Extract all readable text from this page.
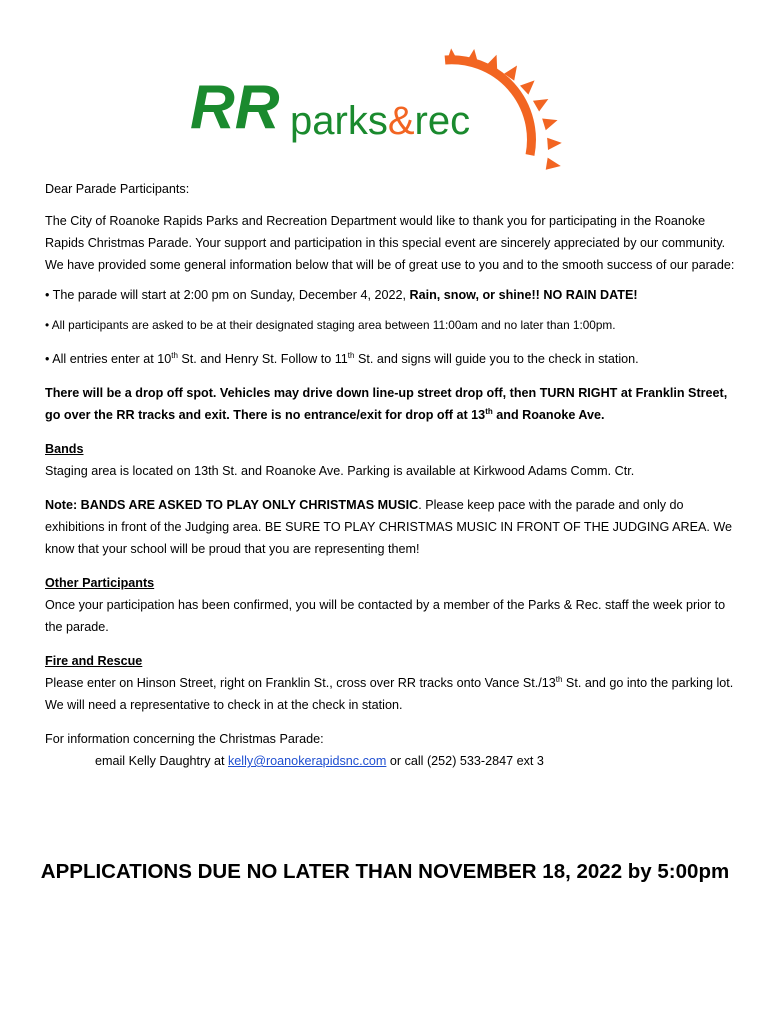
RR parks&rec

Dear Parade Participants:

The City of Roanoke Rapids Parks and Recreation Department would like to thank you for participating in the Roanoke Rapids Christmas Parade. Your support and participation in this special event are sincerely appreciated by our community. We have provided some general information below that will be of great use to you and to the smooth success of our parade:

• The parade will start at 2:00 pm on Sunday, December 4, 2022, Rain, snow, or shine!! NO RAIN DATE!

• All participants are asked to be at their designated staging area between 11:00am and no later than 1:00pm.

• All entries enter at 10th St. and Henry St. Follow to 11th St. and signs will guide you to the check in station.

There will be a drop off spot. Vehicles may drive down line-up street drop off, then TURN RIGHT at Franklin Street, go over the RR tracks and exit. There is no entrance/exit for drop off at 13th and Roanoke Ave.

Bands

Staging area is located on 13th St. and Roanoke Ave. Parking is available at Kirkwood Adams Comm. Ctr.

Note: BANDS ARE ASKED TO PLAY ONLY CHRISTMAS MUSIC. Please keep pace with the parade and only do exhibitions in front of the Judging area. BE SURE TO PLAY CHRISTMAS MUSIC IN FRONT OF THE JUDGING AREA. We know that your school will be proud that you are representing them!

Other Participants

Once your participation has been confirmed, you will be contacted by a member of the Parks & Rec. staff the week prior to the parade.

Fire and Rescue

Please enter on Hinson Street, right on Franklin St., cross over RR tracks onto Vance St./13th St. and go into the parking lot. We will need a representative to check in at the check in station.

For information concerning the Christmas Parade:

email Kelly Daughtry at kelly@roanokerapidsnc.com or call (252) 533-2847 ext 3

APPLICATIONS DUE NO LATER THAN NOVEMBER 18, 2022 by 5:00pm
